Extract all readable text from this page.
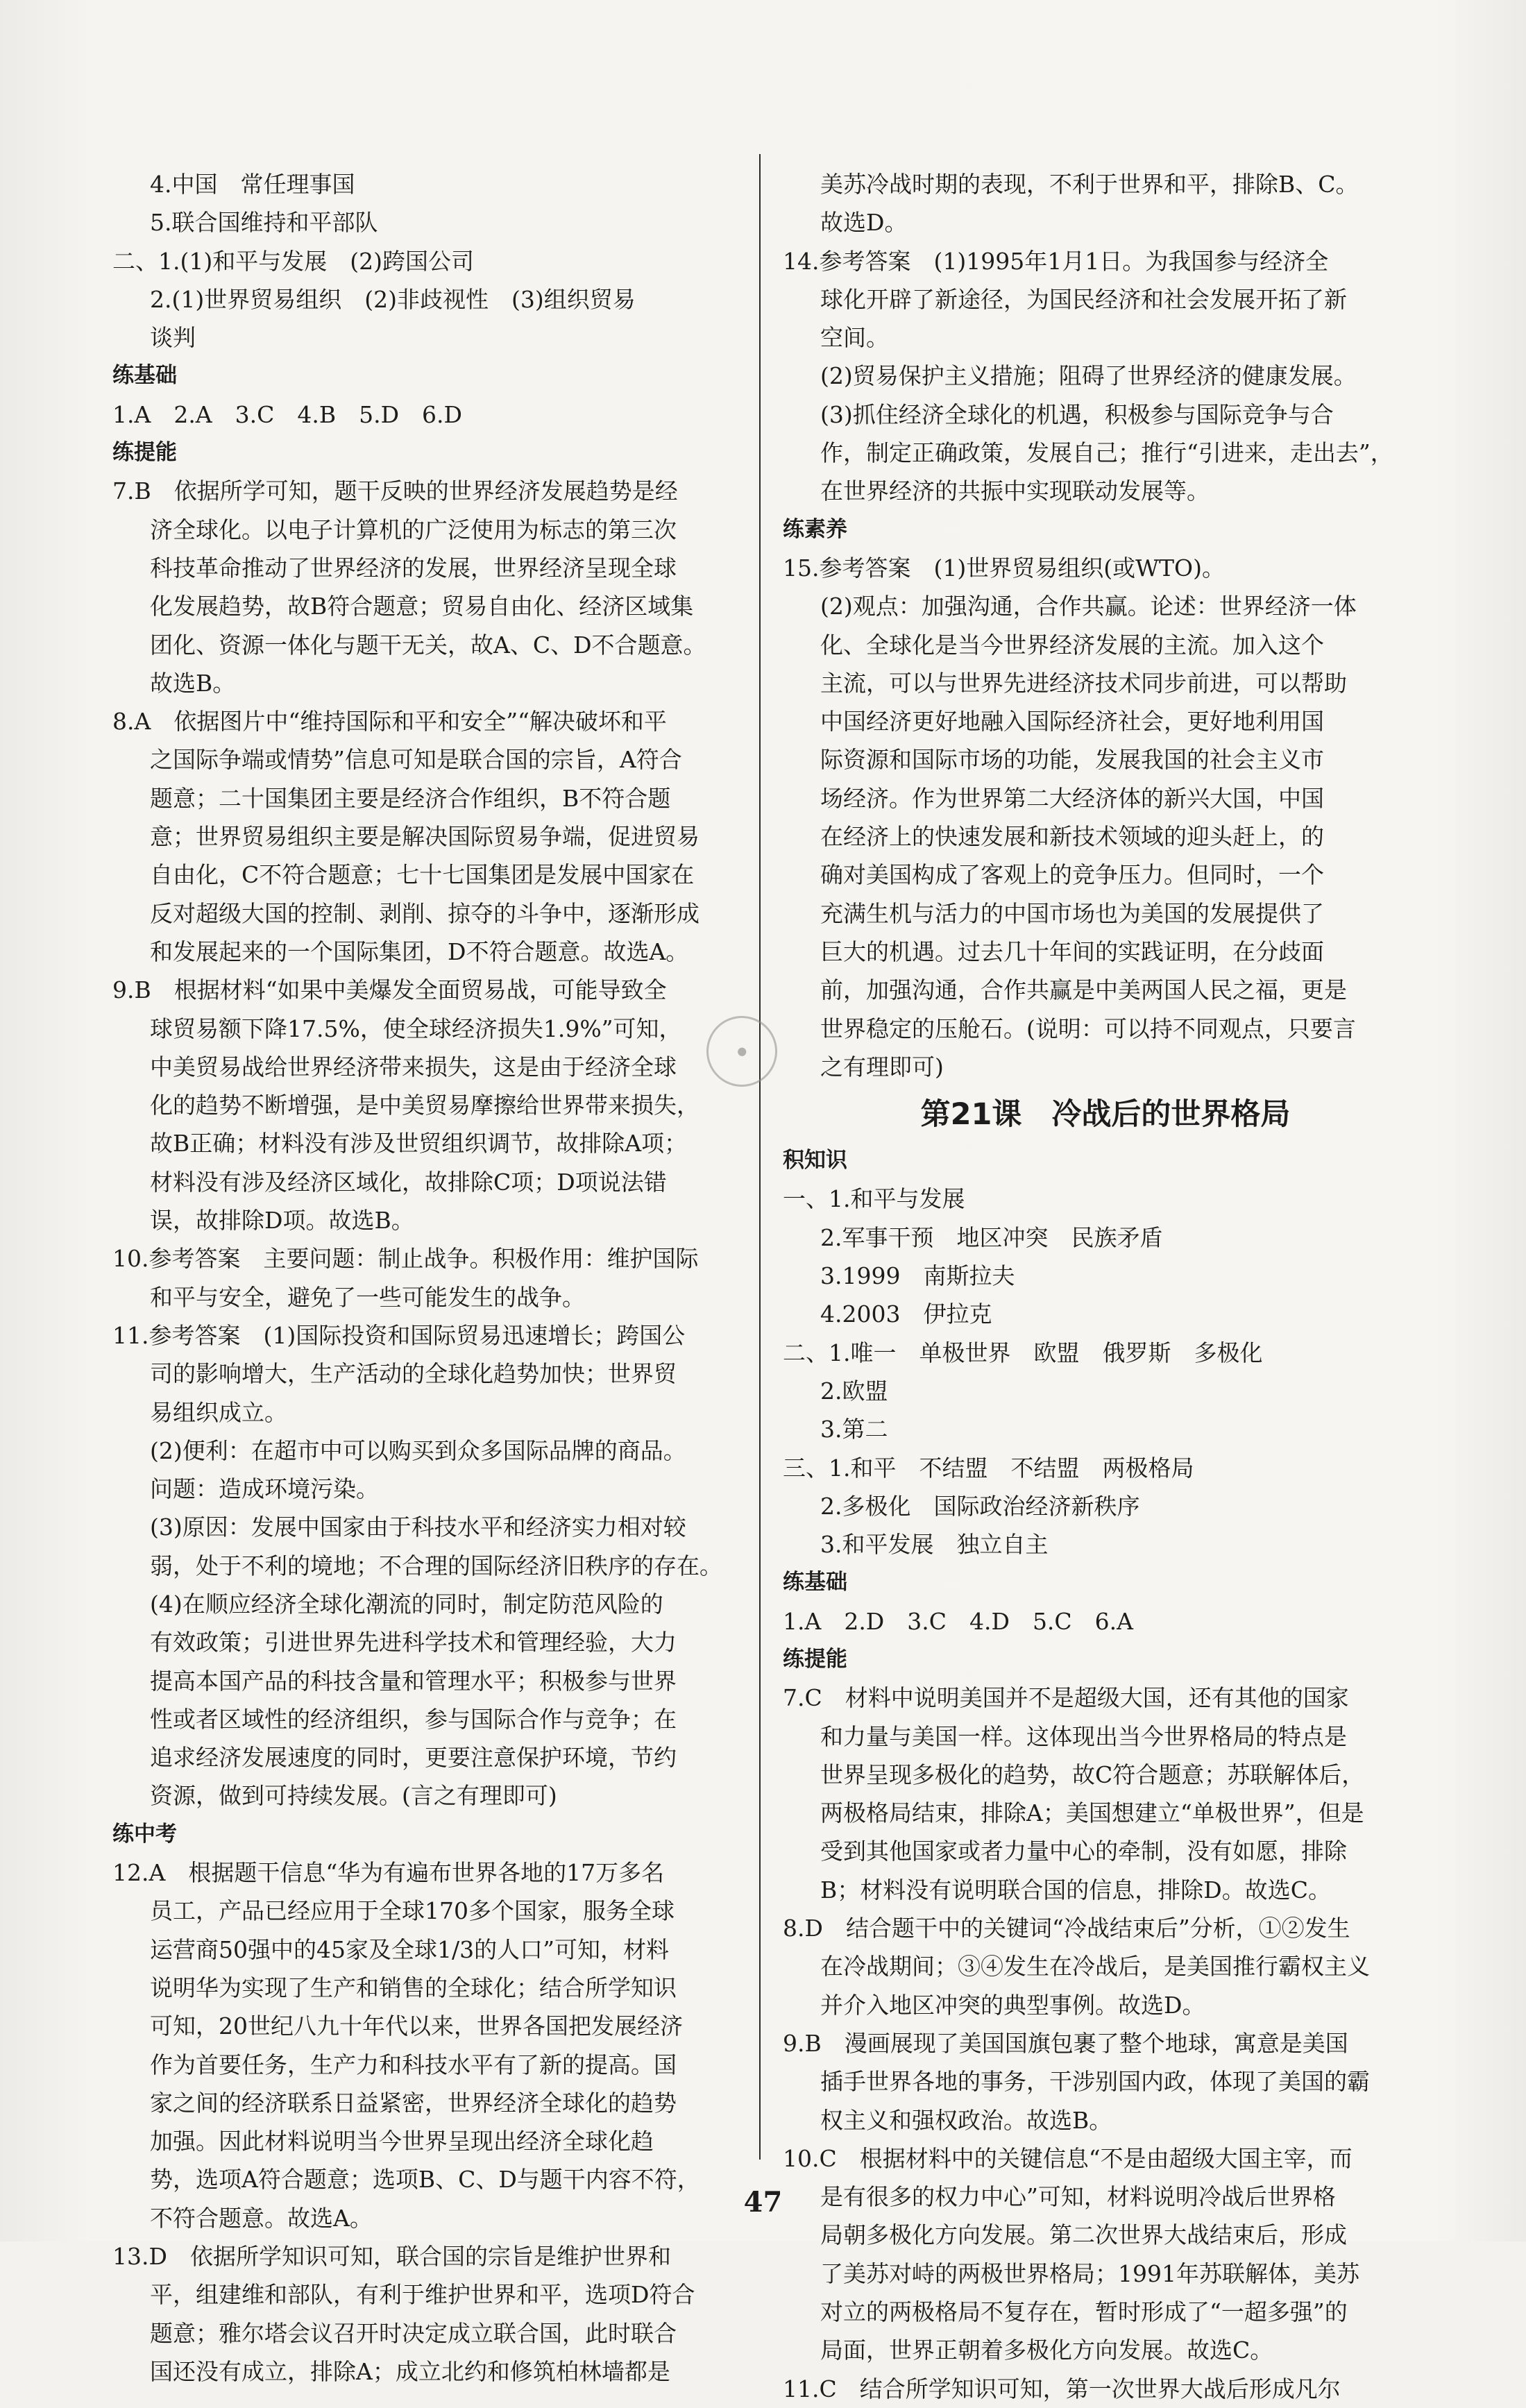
4.中国　常任理事国
5.联合国维持和平部队
二、1.(1)和平与发展　(2)跨国公司
2.(1)世界贸易组织　(2)非歧视性　(3)组织贸易
谈判
练基础
1.A　2.A　3.C　4.B　5.D　6.D
练提能
7.B　依据所学可知，题干反映的世界经济发展趋势是经
济全球化。以电子计算机的广泛使用为标志的第三次
科技革命推动了世界经济的发展，世界经济呈现全球
化发展趋势，故B符合题意；贸易自由化、经济区域集
团化、资源一体化与题干无关，故A、C、D不合题意。
故选B。
8.A　依据图片中“维持国际和平和安全”“解决破坏和平
之国际争端或情势”信息可知是联合国的宗旨，A符合
题意；二十国集团主要是经济合作组织，B不符合题
意；世界贸易组织主要是解决国际贸易争端，促进贸易
自由化，C不符合题意；七十七国集团是发展中国家在
反对超级大国的控制、剥削、掠夺的斗争中，逐渐形成
和发展起来的一个国际集团，D不符合题意。故选A。
9.B　根据材料“如果中美爆发全面贸易战，可能导致全
球贸易额下降17.5%，使全球经济损失1.9%”可知，
中美贸易战给世界经济带来损失，这是由于经济全球
化的趋势不断增强，是中美贸易摩擦给世界带来损失，
故B正确；材料没有涉及世贸组织调节，故排除A项；
材料没有涉及经济区域化，故排除C项；D项说法错
误，故排除D项。故选B。
10.参考答案　主要问题：制止战争。积极作用：维护国际
和平与安全，避免了一些可能发生的战争。
11.参考答案　(1)国际投资和国际贸易迅速增长；跨国公
司的影响增大，生产活动的全球化趋势加快；世界贸
易组织成立。
(2)便利：在超市中可以购买到众多国际品牌的商品。
问题：造成环境污染。
(3)原因：发展中国家由于科技水平和经济实力相对较
弱，处于不利的境地；不合理的国际经济旧秩序的存在。
(4)在顺应经济全球化潮流的同时，制定防范风险的
有效政策；引进世界先进科学技术和管理经验，大力
提高本国产品的科技含量和管理水平；积极参与世界
性或者区域性的经济组织，参与国际合作与竞争；在
追求经济发展速度的同时，更要注意保护环境，节约
资源，做到可持续发展。(言之有理即可)
练中考
12.A　根据题干信息“华为有遍布世界各地的17万多名
员工，产品已经应用于全球170多个国家，服务全球
运营商50强中的45家及全球1/3的人口”可知，材料
说明华为实现了生产和销售的全球化；结合所学知识
可知，20世纪八九十年代以来，世界各国把发展经济
作为首要任务，生产力和科技水平有了新的提高。国
家之间的经济联系日益紧密，世界经济全球化的趋势
加强。因此材料说明当今世界呈现出经济全球化趋
势，选项A符合题意；选项B、C、D与题干内容不符，
不符合题意。故选A。
13.D　依据所学知识可知，联合国的宗旨是维护世界和
平，组建维和部队，有利于维护世界和平，选项D符合
题意；雅尔塔会议召开时决定成立联合国，此时联合
国还没有成立，排除A；成立北约和修筑柏林墙都是
美苏冷战时期的表现，不利于世界和平，排除B、C。
故选D。
14.参考答案　(1)1995年1月1日。为我国参与经济全
球化开辟了新途径，为国民经济和社会发展开拓了新
空间。
(2)贸易保护主义措施；阻碍了世界经济的健康发展。
(3)抓住经济全球化的机遇，积极参与国际竞争与合
作，制定正确政策，发展自己；推行“引进来，走出去”，
在世界经济的共振中实现联动发展等。
练素养
15.参考答案　(1)世界贸易组织(或WTO)。
(2)观点：加强沟通，合作共赢。论述：世界经济一体
化、全球化是当今世界经济发展的主流。加入这个
主流，可以与世界先进经济技术同步前进，可以帮助
中国经济更好地融入国际经济社会，更好地利用国
际资源和国际市场的功能，发展我国的社会主义市
场经济。作为世界第二大经济体的新兴大国，中国
在经济上的快速发展和新技术领域的迎头赶上，的
确对美国构成了客观上的竞争压力。但同时，一个
充满生机与活力的中国市场也为美国的发展提供了
巨大的机遇。过去几十年间的实践证明，在分歧面
前，加强沟通，合作共赢是中美两国人民之福，更是
世界稳定的压舱石。(说明：可以持不同观点，只要言
之有理即可)
第21课　冷战后的世界格局
积知识
一、1.和平与发展
2.军事干预　地区冲突　民族矛盾
3.1999　南斯拉夫
4.2003　伊拉克
二、1.唯一　单极世界　欧盟　俄罗斯　多极化
2.欧盟
3.第二
三、1.和平　不结盟　不结盟　两极格局
2.多极化　国际政治经济新秩序
3.和平发展　独立自主
练基础
1.A　2.D　3.C　4.D　5.C　6.A
练提能
7.C　材料中说明美国并不是超级大国，还有其他的国家
和力量与美国一样。这体现出当今世界格局的特点是
世界呈现多极化的趋势，故C符合题意；苏联解体后，
两极格局结束，排除A；美国想建立“单极世界”，但是
受到其他国家或者力量中心的牵制，没有如愿，排除
B；材料没有说明联合国的信息，排除D。故选C。
8.D　结合题干中的关键词“冷战结束后”分析，①②发生
在冷战期间；③④发生在冷战后，是美国推行霸权主义
并介入地区冲突的典型事例。故选D。
9.B　漫画展现了美国国旗包裹了整个地球，寓意是美国
插手世界各地的事务，干涉别国内政，体现了美国的霸
权主义和强权政治。故选B。
10.C　根据材料中的关键信息“不是由超级大国主宰，而
是有很多的权力中心”可知，材料说明冷战后世界格
局朝多极化方向发展。第二次世界大战结束后，形成
了美苏对峙的两极世界格局；1991年苏联解体，美苏
对立的两极格局不复存在，暂时形成了“一超多强”的
局面，世界正朝着多极化方向发展。故选C。
11.C　结合所学知识可知，第一次世界大战后形成凡尔
●
47
